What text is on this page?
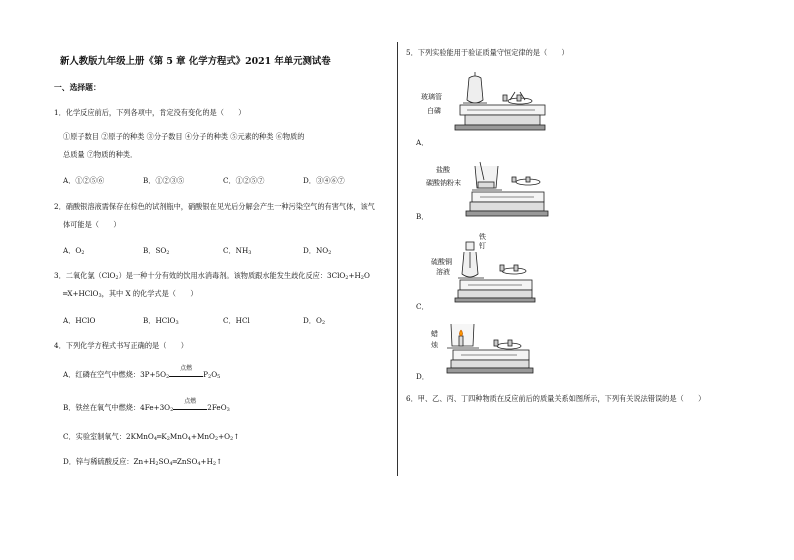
新人教版九年级上册《第 5 章 化学方程式》2021 年单元测试卷
一、选择题：
1．化学反应前后，下列各项中，肯定没有变化的是（　　）
①原子数目 ②原子的种类 ③分子数目 ④分子的种类 ⑤元素的种类 ⑥物质的
总质量 ⑦物质的种类．
A．①②⑤⑥	B．①②③⑤	C．①②⑤⑦	D．③④⑥⑦
2．硝酸银溶液需保存在棕色的试剂瓶中，硝酸银在见光后分解会产生一种污染空气的有害气体，该气
体可能是（　　）
A．$O_2$	B．$SO_2$	C．$NH_3$	D．$NO_2$
3．二氧化氯（ClO$_2$）是一种十分有效的饮用水消毒剂。该物质跟水能发生歧化反应：$3ClO_2+H_2O$
═X+HClO$_3$，其中 X 的化学式是（　　）
A．HClO	B．HClO$_3$	C．HCl	D．$O_2$
4．下列化学方程式书写正确的是（　　）
A．红磷在空气中燃烧：$3P+5O_2$
点燃
$P_2O_5$
B．铁丝在氧气中燃烧：$4Fe+3O_2$
点燃
2FeO$_3$
C．实验室制氧气：$2KMnO_4═K_2MnO_4+MnO_2+O_2↑$
D．锌与稀硫酸反应：$Zn+H_2SO_4═ZnSO_4+H_2↑$
5．下列实验能用于验证质量守恒定律的是（　　）
玻璃管
白磷
A．
盐酸
碳酸钠粉末
B．
铁
钉
硫酸铜
溶液
C．
蜡
烛
D．
6．甲、乙、丙、丁四种物质在反应前后的质量关系如图所示，下列有关说法错误的是（　　）
